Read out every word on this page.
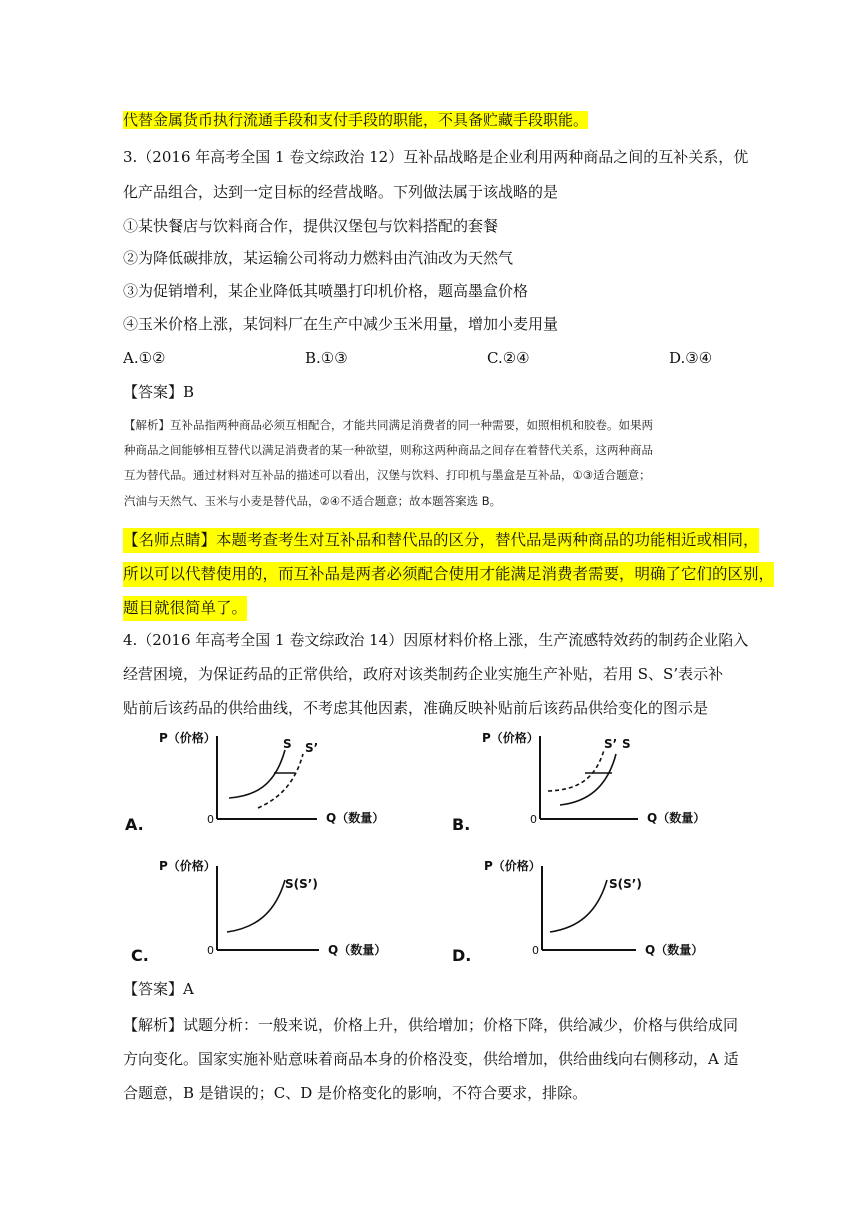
代替金属货币执行流通手段和支付手段的职能，不具备贮藏手段职能。
3.（2016 年高考全国 1 卷文综政治 12）互补品战略是企业利用两种商品之间的互补关系，优
化产品组合，达到一定目标的经营战略。下列做法属于该战略的是
①某快餐店与饮料商合作，提供汉堡包与饮料搭配的套餐
②为降低碳排放，某运输公司将动力燃料由汽油改为天然气
③为促销增利，某企业降低其喷墨打印机价格，题高墨盒价格
④玉米价格上涨，某饲料厂在生产中减少玉米用量，增加小麦用量
A.①②	B.①③	C.②④	D.③④
【答案】B
【解析】互补品指两种商品必须互相配合，才能共同满足消费者的同一种需要，如照相机和胶卷。如果两
种商品之间能够相互替代以满足消费者的某一种欲望，则称这两种商品之间存在着替代关系，这两种商品
互为替代品。通过材料对互补品的描述可以看出，汉堡与饮料、打印机与墨盒是互补品，①③适合题意；
汽油与天然气、玉米与小麦是替代品，②④不适合题意；故本题答案选 B。
【名师点睛】本题考查考生对互补品和替代品的区分，替代品是两种商品的功能相近或相同，
所以可以代替使用的，而互补品是两者必须配合使用才能满足消费者需要，明确了它们的区别，
题目就很简单了。
4.（2016 年高考全国 1 卷文综政治 14）因原材料价格上涨，生产流感特效药的制药企业陷入
经营困境，为保证药品的正常供给，政府对该类制药企业实施生产补贴，若用 S、S’表示补
贴前后该药品的供给曲线，不考虑其他因素，准确反映补贴前后该药品供给变化的图示是
P（价格）
0	Q（数量）
S S’
A.
P（价格）
0	Q（数量）
S’ S
B.
P（价格）
0	Q（数量）
S(S’)
C.
P（价格）
0	Q（数量）
S(S’)
D.
【答案】A
【解析】试题分析：一般来说，价格上升，供给增加；价格下降，供给减少，价格与供给成同
方向变化。国家实施补贴意味着商品本身的价格没变，供给增加，供给曲线向右侧移动，A 适
合题意，B 是错误的；C、D 是价格变化的影响，不符合要求，排除。
